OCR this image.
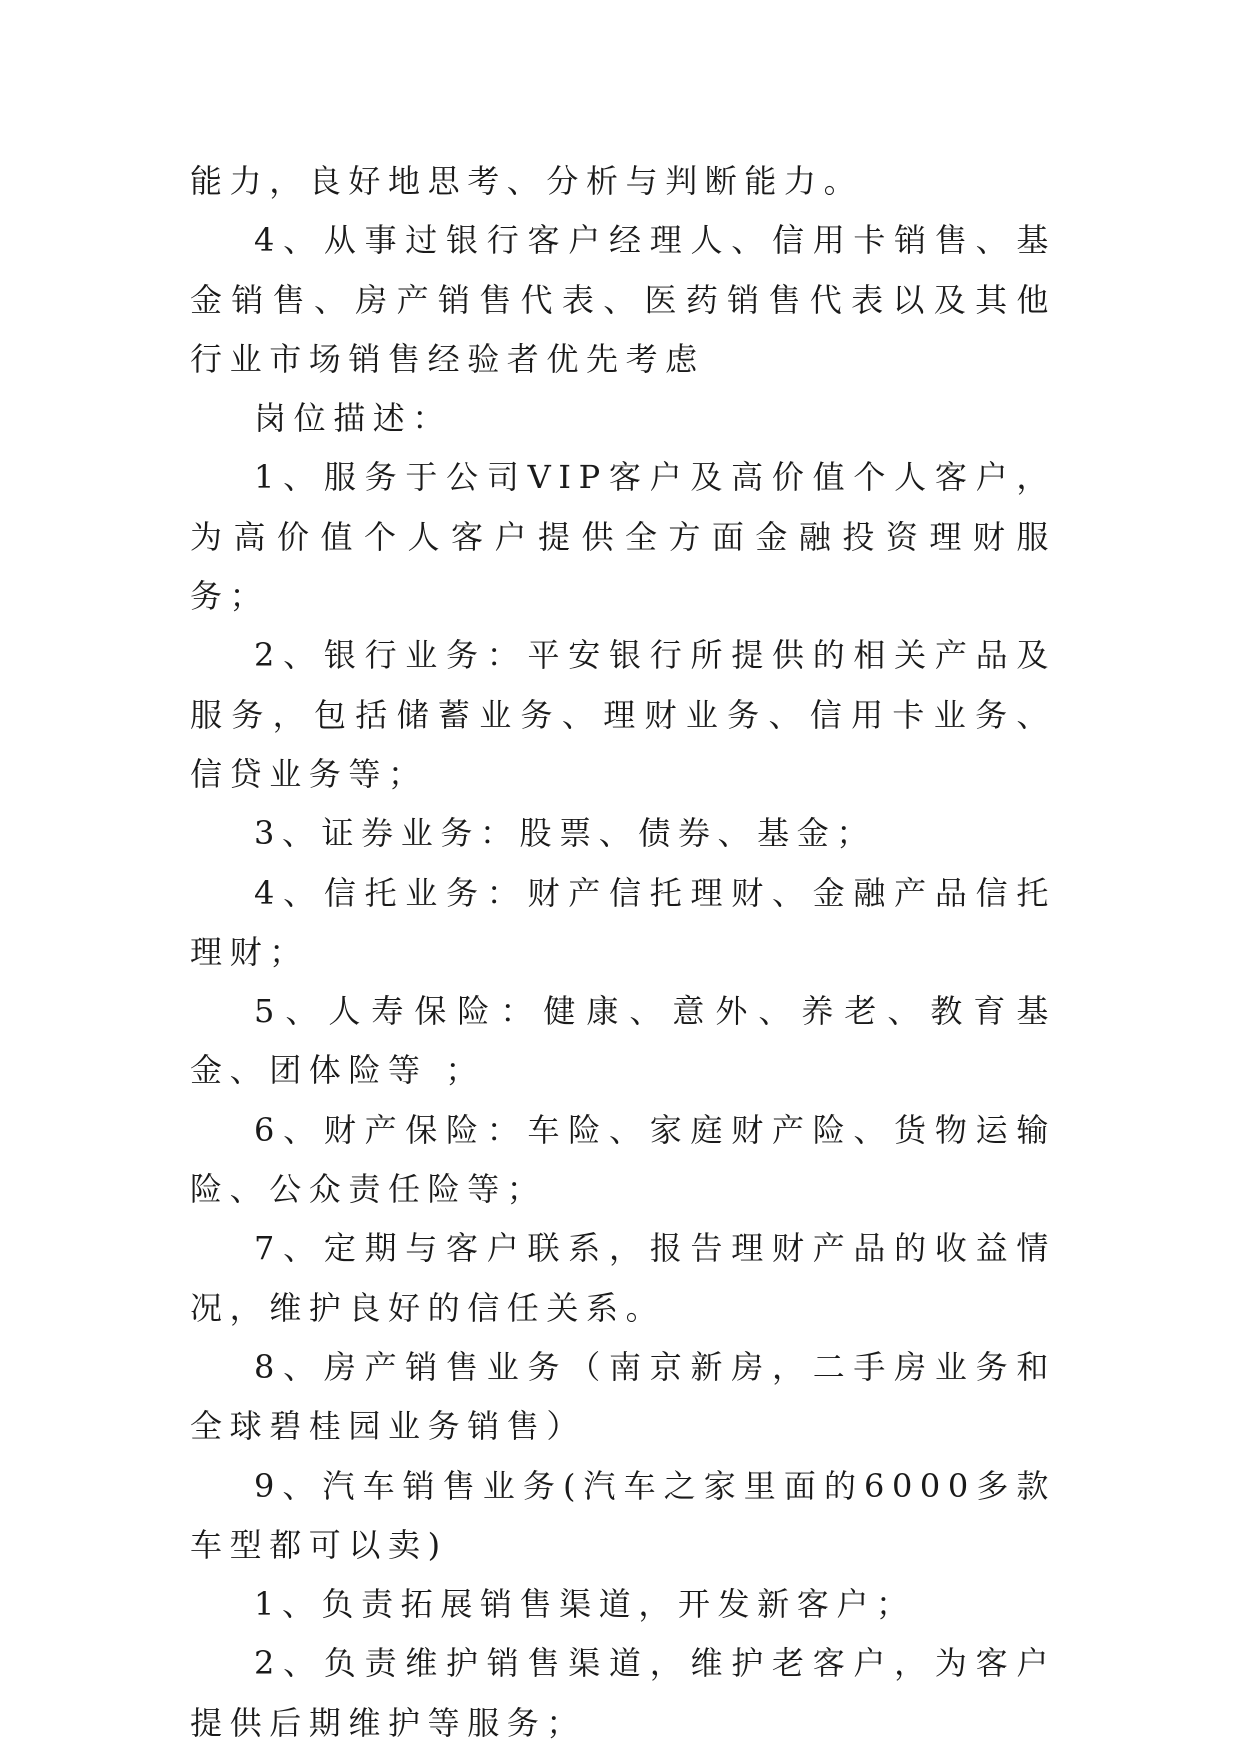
能力，良好地思考、分析与判断能力。

4、从事过银行客户经理人、信用卡销售、基金销售、房产销售代表、医药销售代表以及其他行业市场销售经验者优先考虑

岗位描述：

1、服务于公司VIP客户及高价值个人客户，为高价值个人客户提供全方面金融投资理财服务；

2、银行业务：平安银行所提供的相关产品及服务，包括储蓄业务、理财业务、信用卡业务、信贷业务等；

3、证券业务：股票、债券、基金；

4、信托业务：财产信托理财、金融产品信托理财；

5、人寿保险：健康、意外、养老、教育基金、团体险等 ；

6、财产保险：车险、家庭财产险、货物运输险、公众责任险等；

7、定期与客户联系，报告理财产品的收益情况，维护良好的信任关系。

8、房产销售业务（南京新房，二手房业务和全球碧桂园业务销售）

9、汽车销售业务(汽车之家里面的6000多款车型都可以卖)

1、负责拓展销售渠道，开发新客户；

2、负责维护销售渠道，维护老客户，为客户提供后期维护等服务；
